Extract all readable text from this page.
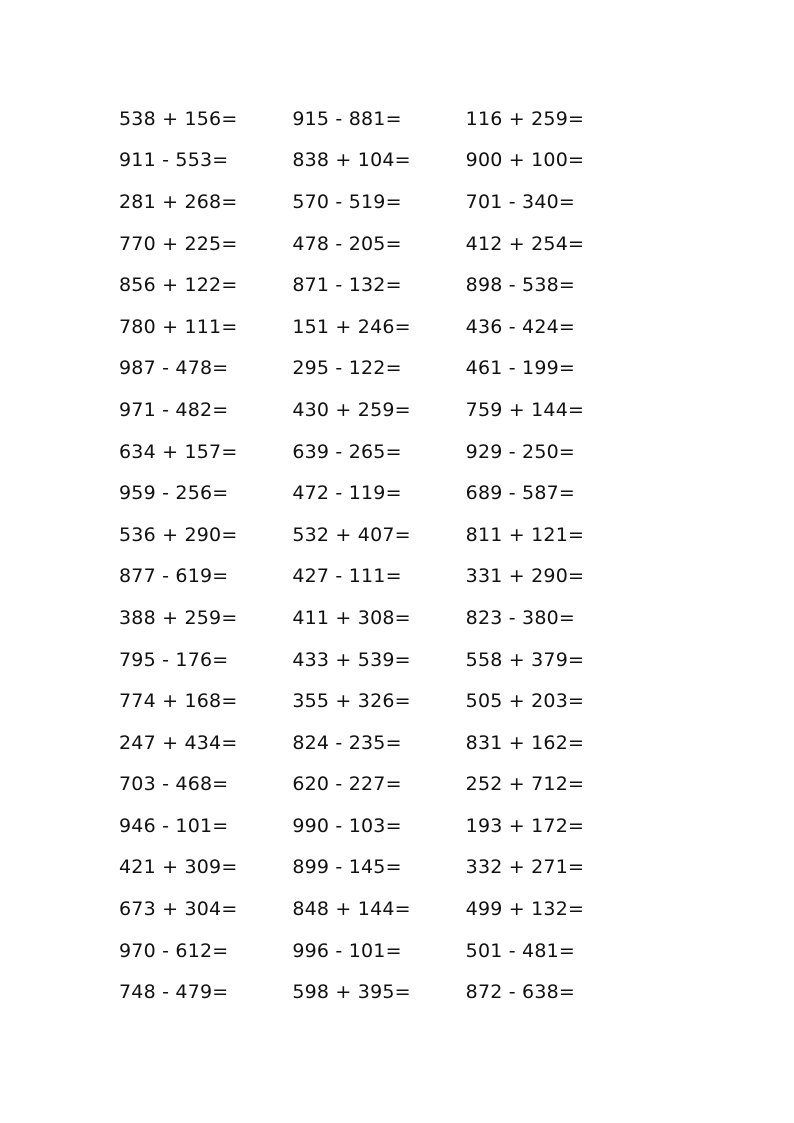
538 + 156=	915 - 881=	116 + 259=
911 - 553=	838 + 104=	900 + 100=
281 + 268=	570 - 519=	701 - 340=
770 + 225=	478 - 205=	412 + 254=
856 + 122=	871 - 132=	898 - 538=
780 + 111=	151 + 246=	436 - 424=
987 - 478=	295 - 122=	461 - 199=
971 - 482=	430 + 259=	759 + 144=
634 + 157=	639 - 265=	929 - 250=
959 - 256=	472 - 119=	689 - 587=
536 + 290=	532 + 407=	811 + 121=
877 - 619=	427 - 111=	331 + 290=
388 + 259=	411 + 308=	823 - 380=
795 - 176=	433 + 539=	558 + 379=
774 + 168=	355 + 326=	505 + 203=
247 + 434=	824 - 235=	831 + 162=
703 - 468=	620 - 227=	252 + 712=
946 - 101=	990 - 103=	193 + 172=
421 + 309=	899 - 145=	332 + 271=
673 + 304=	848 + 144=	499 + 132=
970 - 612=	996 - 101=	501 - 481=
748 - 479=	598 + 395=	872 - 638=
